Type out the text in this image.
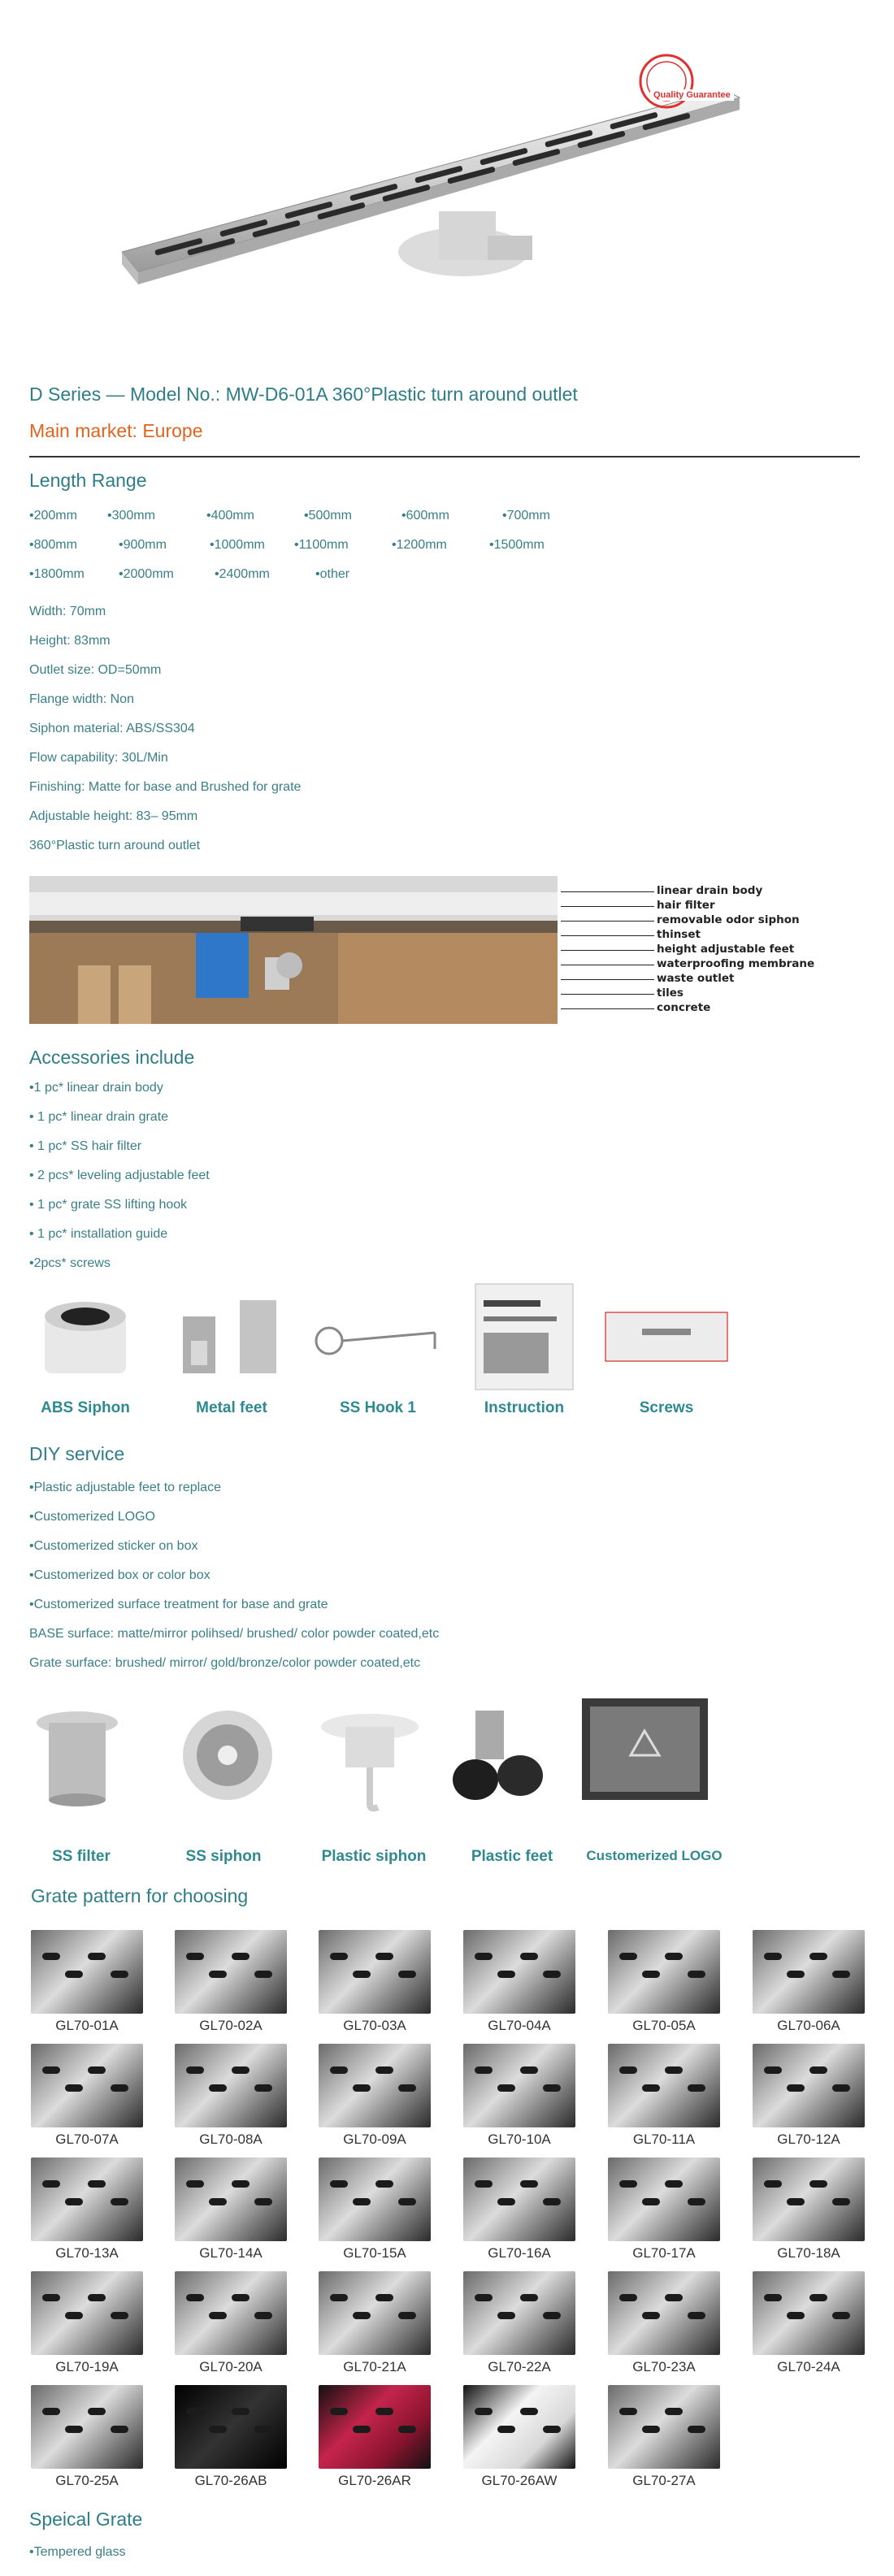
Quality Guarantee
D Series — Model No.: MW-D6-01A 360°Plastic turn around outlet
Main market: Europe
Length Range
•200mm	•300mm	•400mm	•500mm	•600mm	•700mm
•800mm	•900mm	•1000mm	•1100mm	•1200mm	•1500mm
•1800mm	•2000mm	•2400mm	•other
Width: 70mm
Height: 83mm
Outlet size: OD=50mm
Flange width: Non
Siphon material: ABS/SS304
Flow capability: 30L/Min
Finishing: Matte for base and Brushed for grate
Adjustable height: 83– 95mm
360°Plastic turn around outlet
linear drain body
hair filter
removable odor siphon
thinset
height adjustable feet
waterproofing membrane
waste outlet
tiles
concrete
Accessories include
•1 pc* linear drain body
• 1 pc* linear drain grate
• 1 pc* SS hair filter
• 2 pcs* leveling adjustable feet
• 1 pc* grate SS lifting hook
• 1 pc* installation guide
•2pcs* screws
ABS Siphon	Metal feet	SS Hook 1	Instruction	Screws
DIY service
•Plastic adjustable feet to replace
•Customerized LOGO
•Customerized sticker on box
•Customerized box or color box
•Customerized surface treatment for base and grate
BASE surface: matte/mirror polihsed/ brushed/ color powder coated,etc
Grate surface: brushed/ mirror/ gold/bronze/color powder coated,etc
SS filter	SS siphon	Plastic siphon	Plastic feet	Customerized LOGO
Grate pattern for choosing
GL70-01A	GL70-02A	GL70-03A	GL70-04A	GL70-05A	GL70-06A
GL70-07A	GL70-08A	GL70-09A	GL70-10A	GL70-11A	GL70-12A
GL70-13A	GL70-14A	GL70-15A	GL70-16A	GL70-17A	GL70-18A
GL70-19A	GL70-20A	GL70-21A	GL70-22A	GL70-23A	GL70-24A
GL70-25A	GL70-26AB	GL70-26AR	GL70-26AW	GL70-27A
Speical Grate
•Tempered glass
